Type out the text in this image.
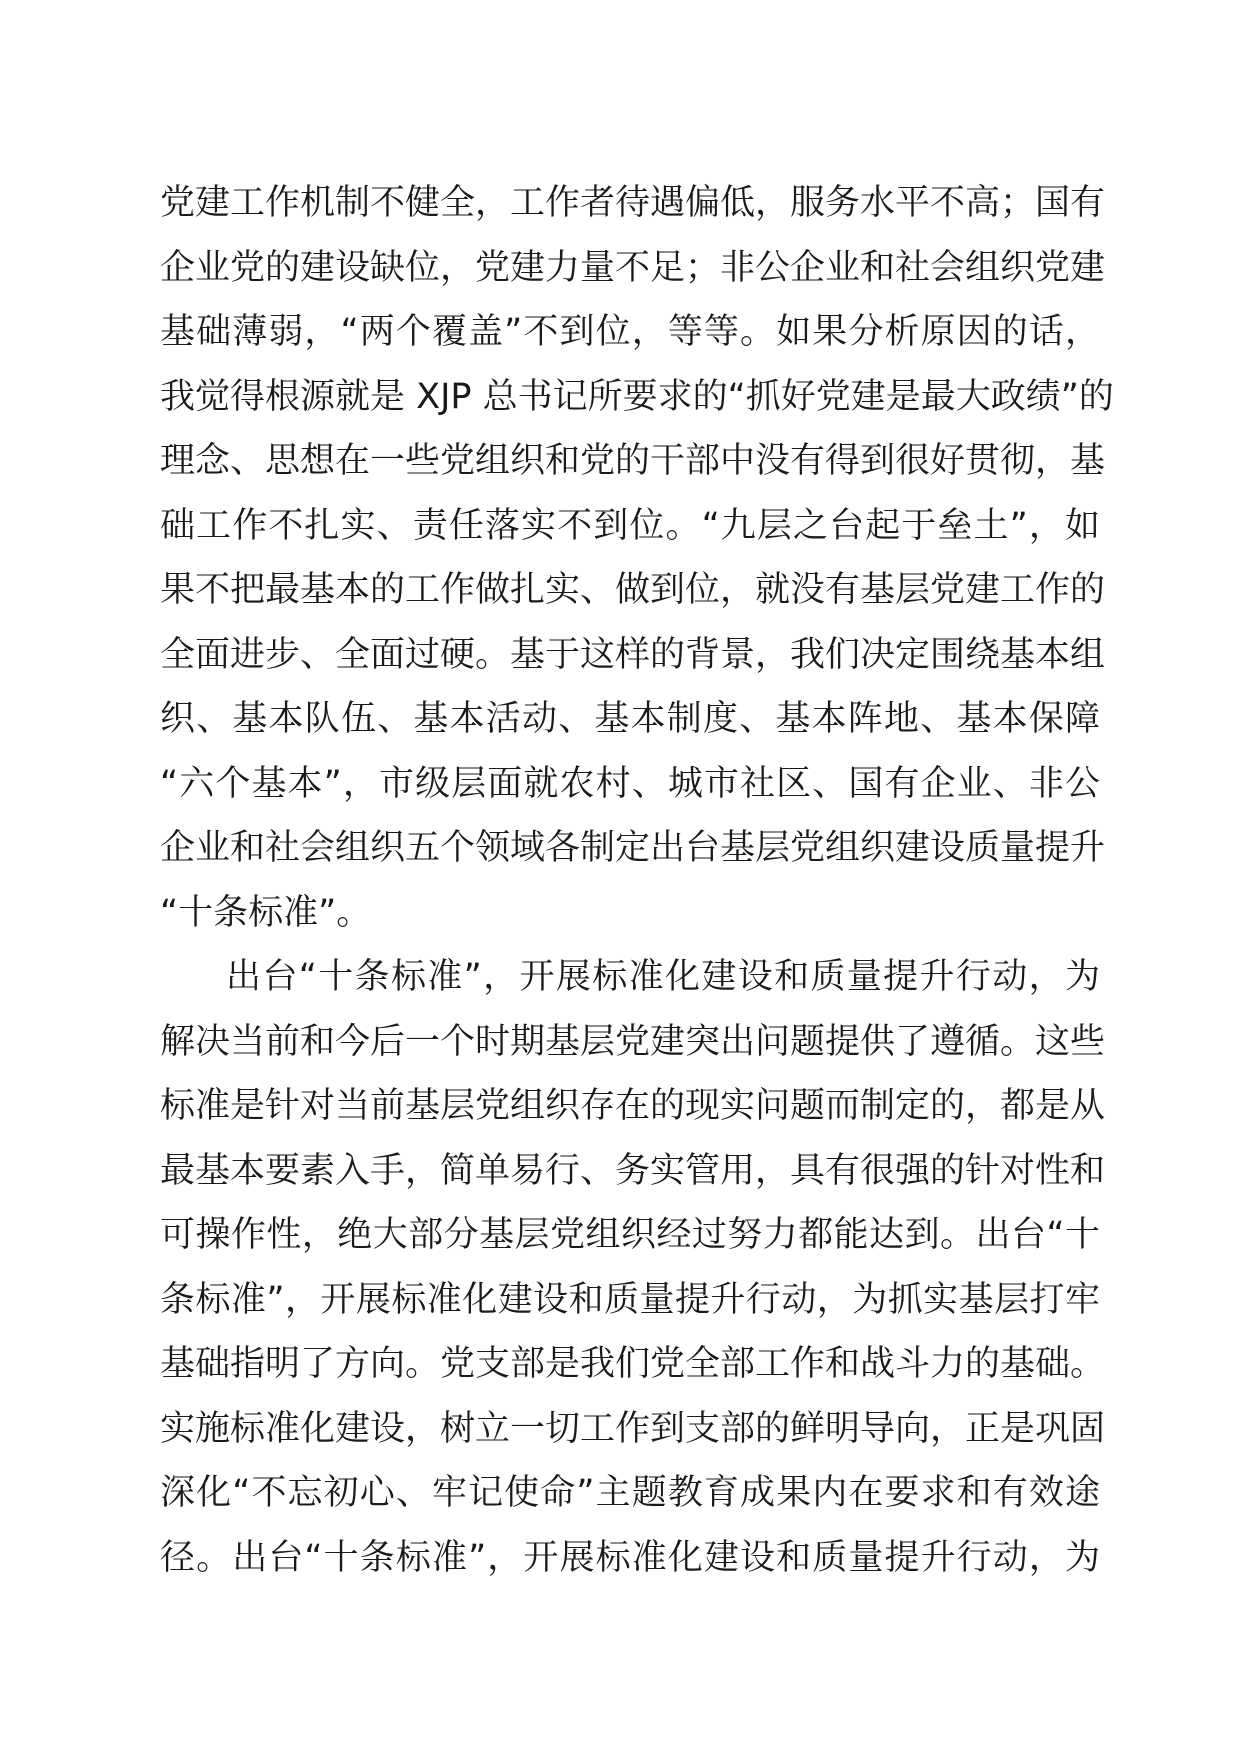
党建工作机制不健全，工作者待遇偏低，服务水平不高；国有
企业党的建设缺位，党建力量不足；非公企业和社会组织党建
基础薄弱，“两个覆盖”不到位，等等。如果分析原因的话，
我觉得根源就是 XJP 总书记所要求的“抓好党建是最大政绩”的
理念、思想在一些党组织和党的干部中没有得到很好贯彻，基
础工作不扎实、责任落实不到位。“九层之台起于垒土”，如
果不把最基本的工作做扎实、做到位，就没有基层党建工作的
全面进步、全面过硬。基于这样的背景，我们决定围绕基本组
织、基本队伍、基本活动、基本制度、基本阵地、基本保障
“六个基本”，市级层面就农村、城市社区、国有企业、非公
企业和社会组织五个领域各制定出台基层党组织建设质量提升
“十条标准”。
出台“十条标准”，开展标准化建设和质量提升行动，为
解决当前和今后一个时期基层党建突出问题提供了遵循。这些
标准是针对当前基层党组织存在的现实问题而制定的，都是从
最基本要素入手，简单易行、务实管用，具有很强的针对性和
可操作性，绝大部分基层党组织经过努力都能达到。出台“十
条标准”，开展标准化建设和质量提升行动，为抓实基层打牢
基础指明了方向。党支部是我们党全部工作和战斗力的基础。
实施标准化建设，树立一切工作到支部的鲜明导向，正是巩固
深化“不忘初心、牢记使命”主题教育成果内在要求和有效途
径。出台“十条标准”，开展标准化建设和质量提升行动，为
